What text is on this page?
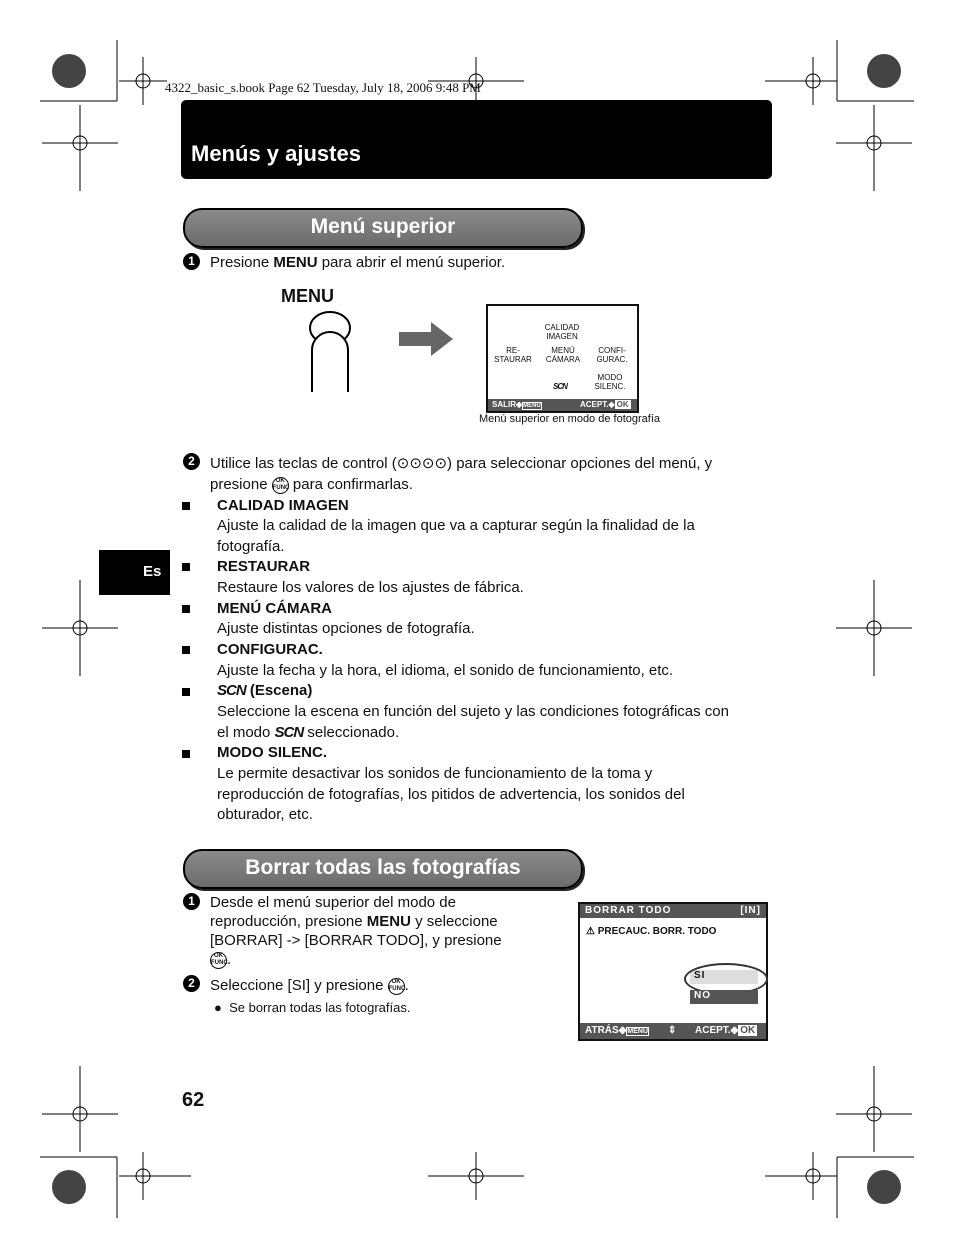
4322_basic_s.book Page 62 Tuesday, July 18, 2006 9:48 PM
Menús y ajustes
Es
Menú superior
1	Presione MENU para abrir el menú superior.
MENU
CALIDAD IMAGEN
RE-STAURAR
MENÚ CÁMARA
CONFI-GURAC.
SCN
MODO SILENC.
SALIR◆MENU	ACEPT.◆ OK
Menú superior en modo de fotografía
2	Utilice las teclas de control (⊙⊙⊙⊙) para seleccionar opciones del menú, y
presione OK
FUNC para confirmarlas.
CALIDAD IMAGEN
Ajuste la calidad de la imagen que va a capturar según la finalidad de la
fotografía.
RESTAURAR
Restaure los valores de los ajustes de fábrica.
MENÚ CÁMARA
Ajuste distintas opciones de fotografía.
CONFIGURAC.
Ajuste la fecha y la hora, el idioma, el sonido de funcionamiento, etc.
SCN (Escena)
Seleccione la escena en función del sujeto y las condiciones fotográficas con
el modo SCN seleccionado.
MODO SILENC.
Le permite desactivar los sonidos de funcionamiento de la toma y
reproducción de fotografías, los pitidos de advertencia, los sonidos del
obturador, etc.
Borrar todas las fotografías
1	Desde el menú superior del modo de
reproducción, presione MENU y seleccione
[BORRAR] -> [BORRAR TODO], y presione
OK
FUNC.
2	Seleccione [SI] y presione OK
FUNC.
●  Se borran todas las fotografías.
BORRAR TODO	[IN]
⚠ PRECAUC. BORR. TODO
SI
NO
ATRÁS◆MENU ⇕ ACEPT.◆ OK
62
